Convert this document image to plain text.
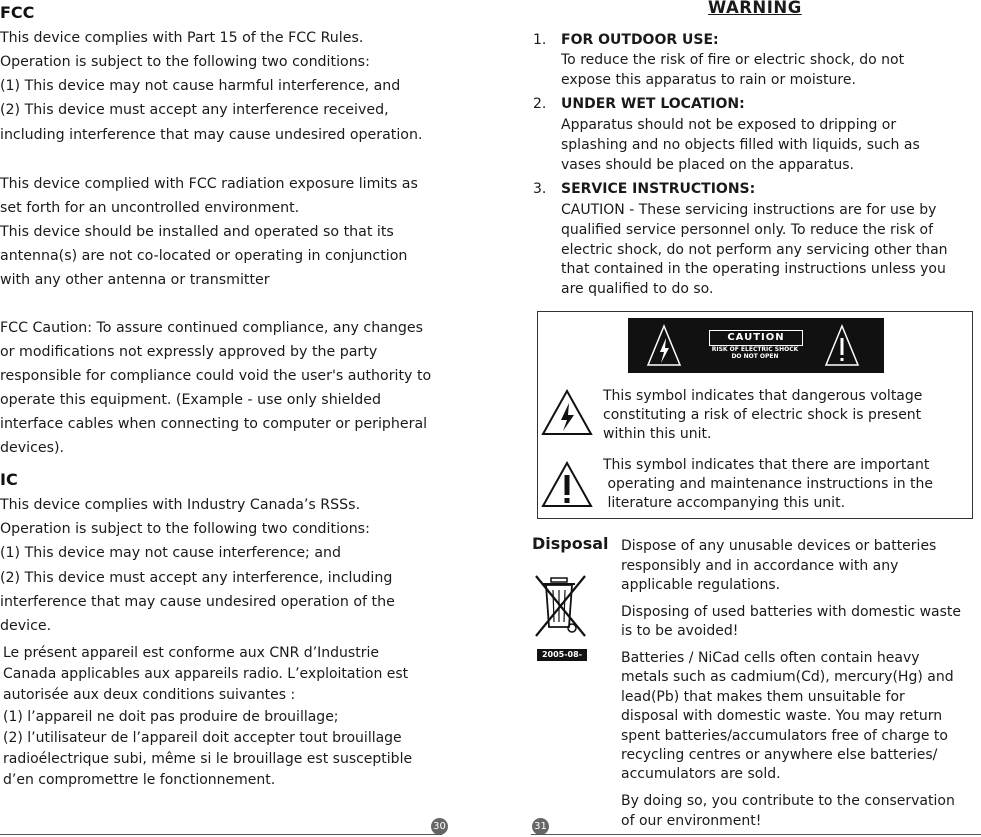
FCC
This device complies with Part 15 of the FCC Rules.
Operation is subject to the following two conditions:
(1) This device may not cause harmful interference, and
(2) This device must accept any interference received,
including interference that may cause undesired operation.
This device complied with FCC radiation exposure limits as
set forth for an uncontrolled environment.
This device should be installed and operated so that its
antenna(s) are not co-located or operating in conjunction
with any other antenna or transmitter
FCC Caution: To assure continued compliance, any changes
or modifications not expressly approved by the party
responsible for compliance could void the user's authority to
operate this equipment. (Example - use only shielded
interface cables when connecting to computer or peripheral
devices).
IC
This device complies with Industry Canada’s RSSs.
Operation is subject to the following two conditions:
(1) This device may not cause interference; and
(2) This device must accept any interference, including
interference that may cause undesired operation of the
device.
Le présent appareil est conforme aux CNR d’Industrie
Canada applicables aux appareils radio. L’exploitation est
autorisée aux deux conditions suivantes :
(1) l’appareil ne doit pas produire de brouillage;
(2) l’utilisateur de l’appareil doit accepter tout brouillage
radioélectrique subi, même si le brouillage est susceptible
d’en compromettre le fonctionnement.
30
WARNING
1. FOR OUTDOOR USE:
To reduce the risk of fire or electric shock, do not
expose this apparatus to rain or moisture.
2. UNDER WET LOCATION:
Apparatus should not be exposed to dripping or
splashing and no objects filled with liquids, such as
vases should be placed on the apparatus.
3. SERVICE INSTRUCTIONS:
CAUTION - These servicing instructions are for use by
qualified service personnel only. To reduce the risk of
electric shock, do not perform any servicing other than
that contained in the operating instructions unless you
are qualified to do so.
CAUTION
RISK OF ELECTRIC SHOCK
DO NOT OPEN
This symbol indicates that dangerous voltage
constituting a risk of electric shock is present
within this unit.
This symbol indicates that there are important
operating and maintenance instructions in the
literature accompanying this unit.
Disposal
2005-08-13
Dispose of any unusable devices or batteries
responsibly and in accordance with any
applicable regulations.
Disposing of used batteries with domestic waste
is to be avoided!
Batteries / NiCad cells often contain heavy
metals such as cadmium(Cd), mercury(Hg) and
lead(Pb) that makes them unsuitable for
disposal with domestic waste. You may return
spent batteries/accumulators free of charge to
recycling centres or anywhere else batteries/
accumulators are sold.
By doing so, you contribute to the conservation
of our environment!
31
